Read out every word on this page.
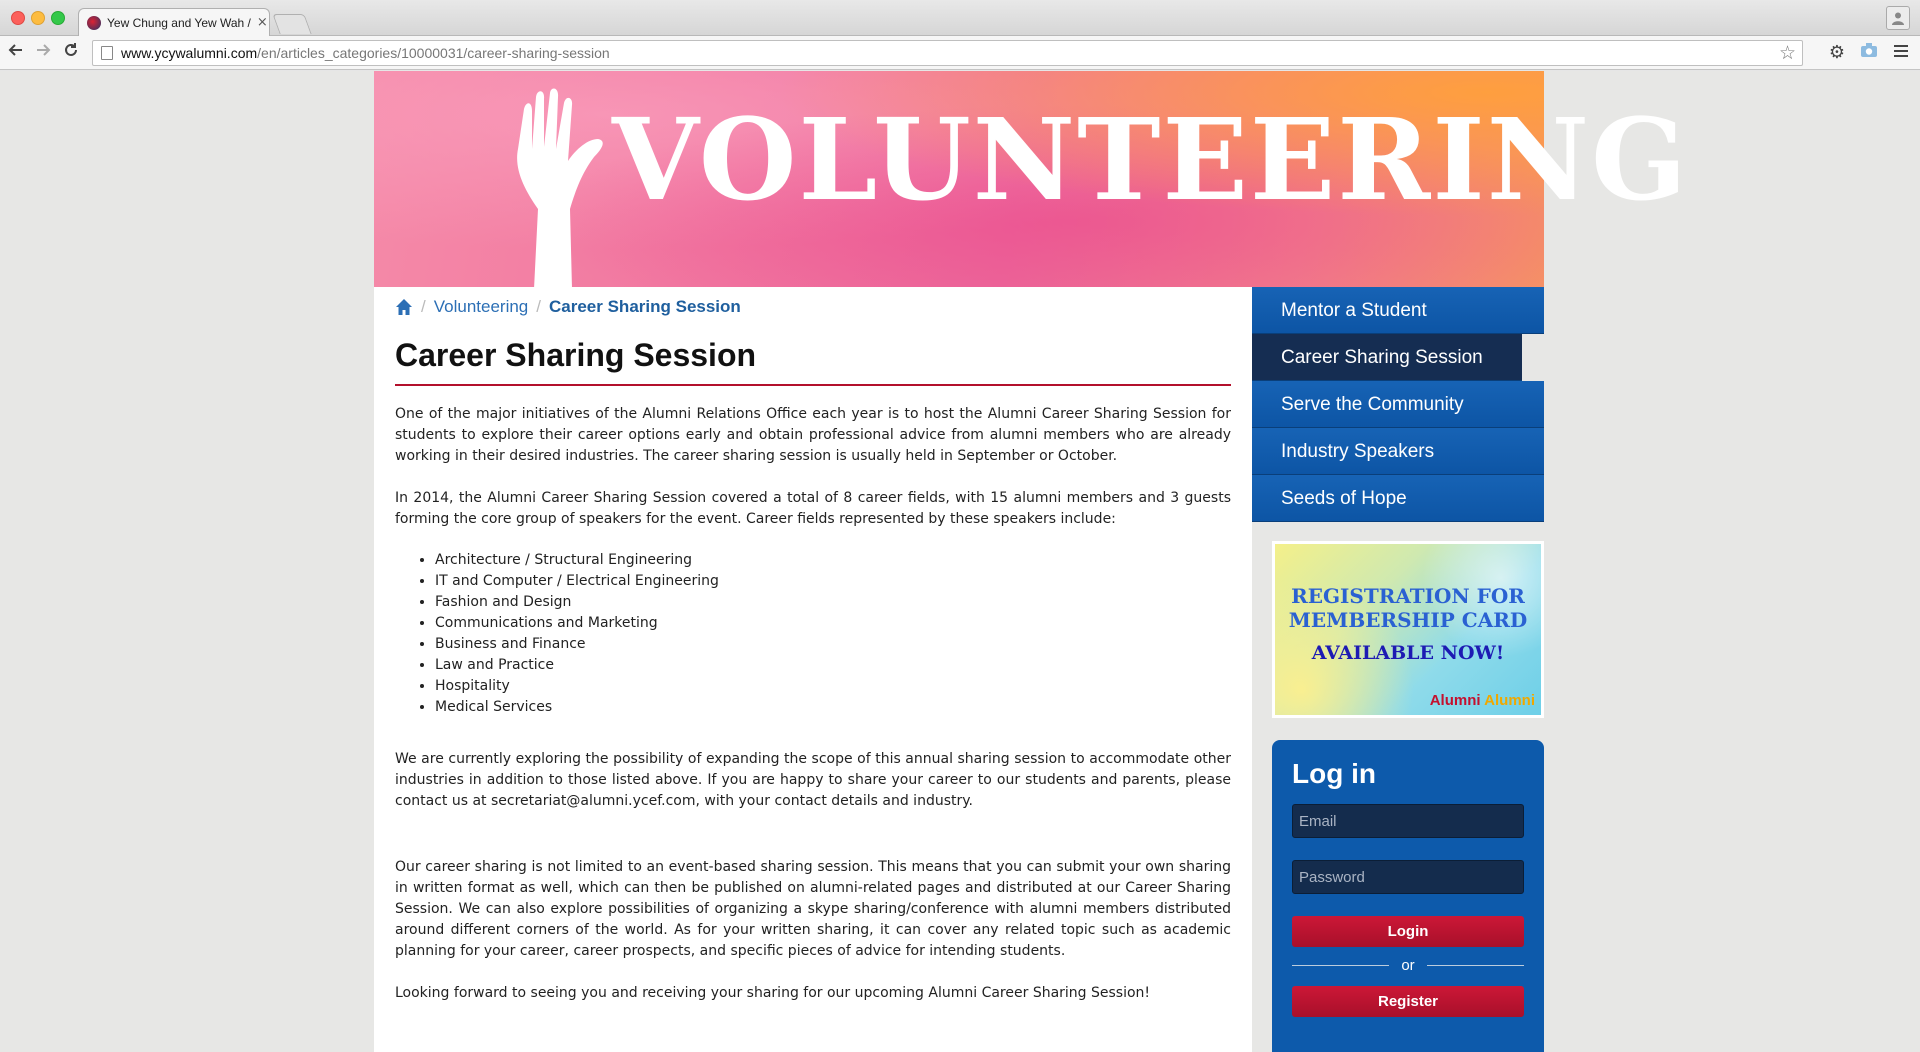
Yew Chung and Yew Wah / ×
www.ycywalumni.com /en/articles_categories/10000031/career-sharing-session	☆ ⚙
VOLUNTEERING
/ Volunteering / Career Sharing Session
Career Sharing Session

One of the major initiatives of the Alumni Relations Office each year is to host the Alumni Career Sharing Session for students to explore their career options early and obtain professional advice from alumni members who are already working in their desired industries. The career sharing session is usually held in September or October.

In 2014, the Alumni Career Sharing Session covered a total of 8 career fields, with 15 alumni members and 3 guests forming the core group of speakers for the event. Career fields represented by these speakers include:

• Architecture / Structural Engineering
• IT and Computer / Electrical Engineering
• Fashion and Design
• Communications and Marketing
• Business and Finance
• Law and Practice
• Hospitality
• Medical Services

We are currently exploring the possibility of expanding the scope of this annual sharing session to accommodate other industries in addition to those listed above. If you are happy to share your career to our students and parents, please contact us at secretariat@alumni.ycef.com, with your contact details and industry.

Our career sharing is not limited to an event-based sharing session. This means that you can submit your own sharing in written format as well, which can then be published on alumni-related pages and distributed at our Career Sharing Session. We can also explore possibilities of organizing a skype sharing/conference with alumni members distributed around different corners of the world. As for your written sharing, it can cover any related topic such as academic planning for your career, career prospects, and specific pieces of advice for intending students.

Looking forward to seeing you and receiving your sharing for our upcoming Alumni Career Sharing Session!

Mentor a Student
Career Sharing Session
Serve the Community
Industry Speakers
Seeds of Hope
REGISTRATION FOR
MEMBERSHIP CARD
AVAILABLE NOW!
Alumni Alumni
Log in
Email
Login
or
Register
